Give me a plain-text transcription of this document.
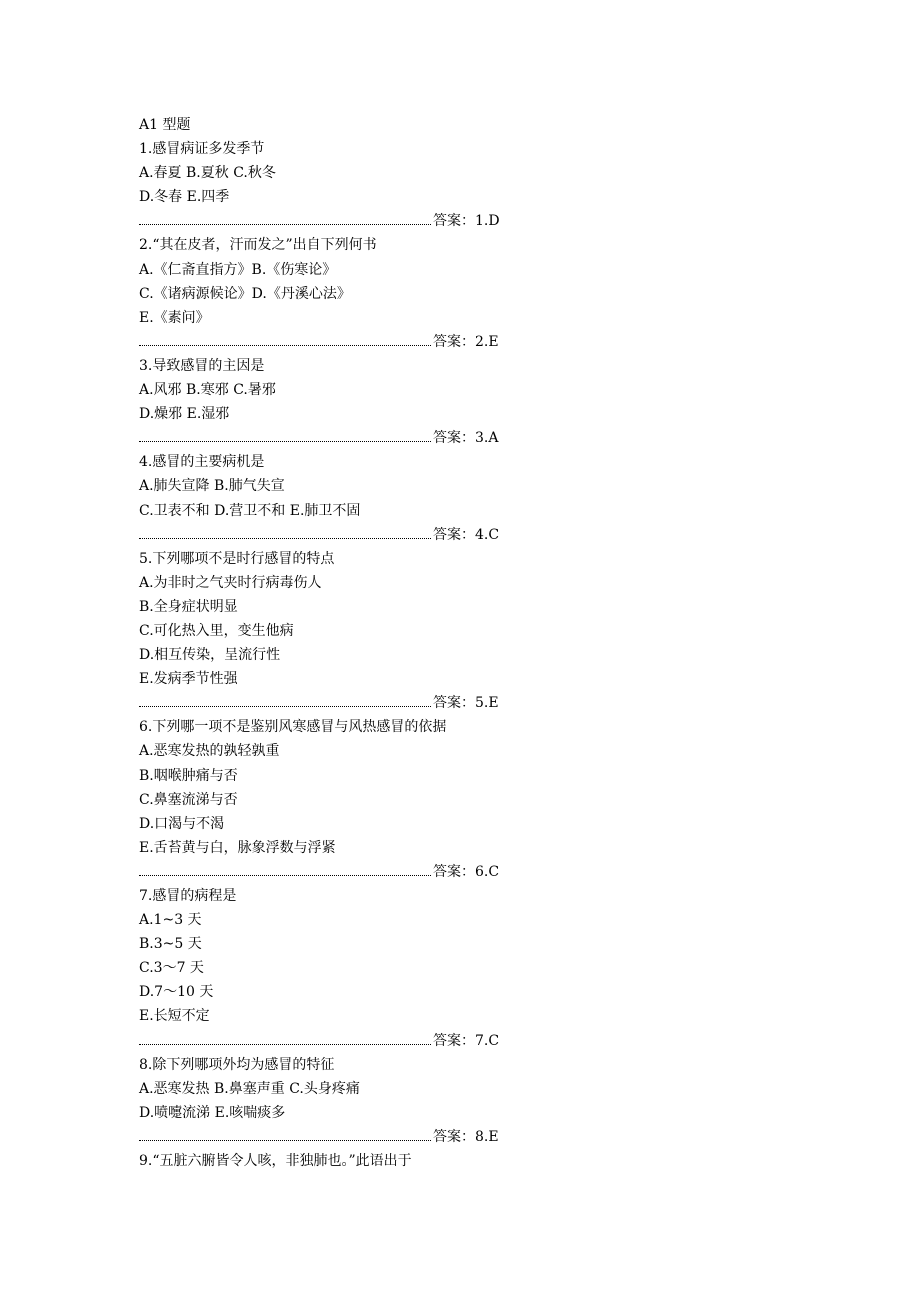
A1 型题
1.感冒病证多发季节
A.春夏 B.夏秋 C.秋冬
D.冬春 E.四季
答案： 1.D
2.“其在皮者，汗而发之”出自下列何书
A.《仁斋直指方》B.《伤寒论》
C.《诸病源候论》D.《丹溪心法》
E.《素问》
答案： 2.E
3.导致感冒的主因是
A.风邪 B.寒邪 C.暑邪
D.燥邪 E.湿邪
答案： 3.A
4.感冒的主要病机是
A.肺失宣降 B.肺气失宣
C.卫表不和 D.营卫不和 E.肺卫不固
答案： 4.C
5.下列哪项不是时行感冒的特点
A.为非时之气夹时行病毒伤人
B.全身症状明显
C.可化热入里，变生他病
D.相互传染，呈流行性
E.发病季节性强
答案： 5.E
6.下列哪一项不是鉴别风寒感冒与风热感冒的依据
A.恶寒发热的孰轻孰重
B.咽喉肿痛与否
C.鼻塞流涕与否
D.口渴与不渴
E.舌苔黄与白，脉象浮数与浮紧
答案： 6.C
7.感冒的病程是
A.1~3 天
B.3~5 天
C.3～7 天
D.7～10 天
E.长短不定
答案： 7.C
8.除下列哪项外均为感冒的特征
A.恶寒发热 B.鼻塞声重 C.头身疼痛
D.喷嚏流涕 E.咳喘痰多
答案： 8.E
9.“五脏六腑皆令人咳，非独肺也。”此语出于
